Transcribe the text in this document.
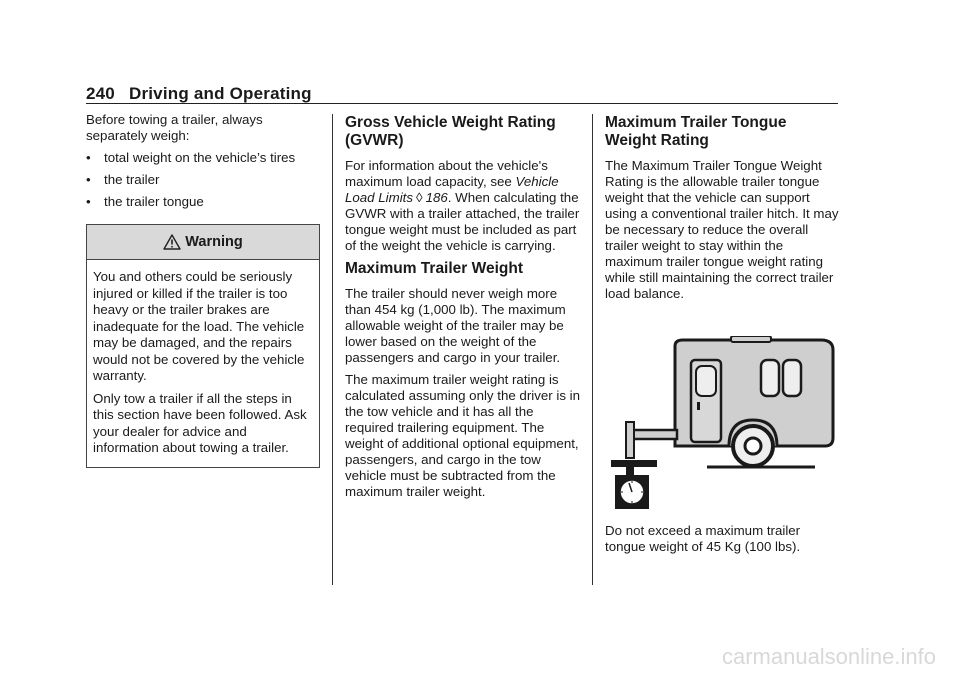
240 Driving and Operating

Before towing a trailer, always separately weigh:

•	total weight on the vehicle’s tires
•	the trailer
•	the trailer tongue
Warning

You and others could be seriously injured or killed if the trailer is too heavy or the trailer brakes are inadequate for the load. The vehicle may be damaged, and the repairs would not be covered by the vehicle warranty.

Only tow a trailer if all the steps in this section have been followed. Ask your dealer for advice and information about towing a trailer.

Gross Vehicle Weight Rating (GVWR)

For information about the vehicle's maximum load capacity, see Vehicle Load Limits ◊ 186. When calculating the GVWR with a trailer attached, the trailer tongue weight must be included as part of the weight the vehicle is carrying.

Maximum Trailer Weight

The trailer should never weigh more than 454 kg (1,000 lb). The maximum allowable weight of the trailer may be lower based on the weight of the passengers and cargo in your trailer.

The maximum trailer weight rating is calculated assuming only the driver is in the tow vehicle and it has all the required trailering equipment. The weight of additional optional equipment, passengers, and cargo in the tow vehicle must be subtracted from the maximum trailer weight.

Maximum Trailer Tongue Weight Rating

The Maximum Trailer Tongue Weight Rating is the allowable trailer tongue weight that the vehicle can support using a conventional trailer hitch. It may be necessary to reduce the overall trailer weight to stay within the maximum trailer tongue weight rating while still maintaining the correct trailer load balance.

Do not exceed a maximum trailer tongue weight of 45 Kg (100 lbs).
carmanualsonline.info
